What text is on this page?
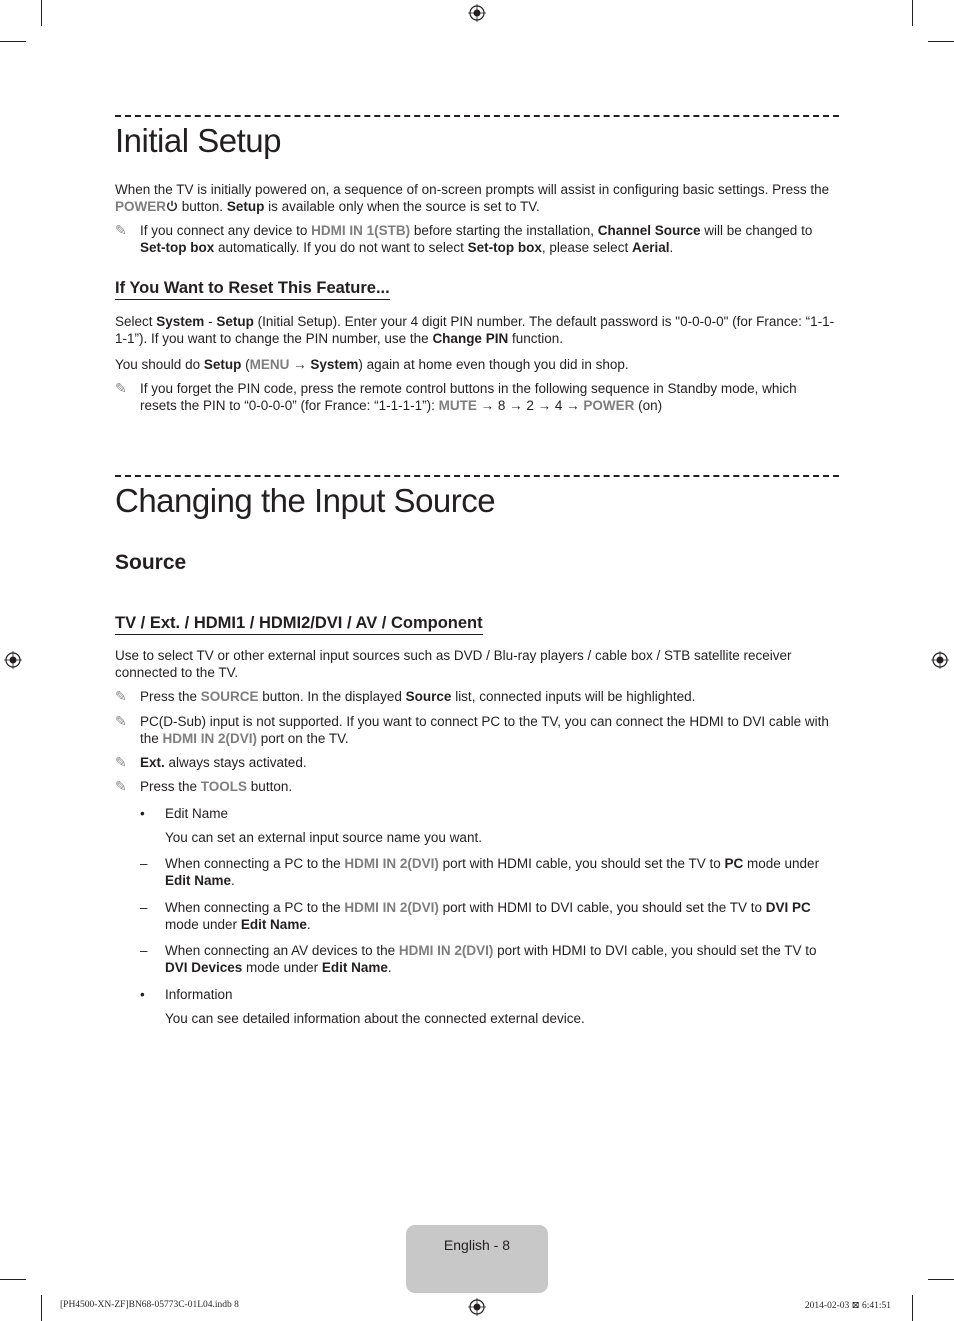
Initial Setup

When the TV is initially powered on, a sequence of on-screen prompts will assist in configuring basic settings. Press the POWER button. Setup is available only when the source is set to TV.

✎ If you connect any device to HDMI IN 1(STB) before starting the installation, Channel Source will be changed to Set-top box automatically. If you do not want to select Set-top box, please select Aerial.
If You Want to Reset This Feature...

Select System - Setup (Initial Setup). Enter your 4 digit PIN number. The default password is "0-0-0-0" (for France: “1-1-1-1”). If you want to change the PIN number, use the Change PIN function.

You should do Setup (MENU → System) again at home even though you did in shop.

✎ If you forget the PIN code, press the remote control buttons in the following sequence in Standby mode, which resets the PIN to “0-0-0-0” (for France: “1-1-1-1”): MUTE → 8 → 2 → 4 → POWER (on)
Changing the Input Source
Source
TV / Ext. / HDMI1 / HDMI2/DVI / AV / Component

Use to select TV or other external input sources such as DVD / Blu-ray players / cable box / STB satellite receiver connected to the TV.

✎ Press the SOURCE button. In the displayed Source list, connected inputs will be highlighted.
✎ PC(D-Sub) input is not supported. If you want to connect PC to the TV, you can connect the HDMI to DVI cable with the HDMI IN 2(DVI) port on the TV.
✎ Ext. always stays activated.
✎ Press the TOOLS button.
•	Edit Name
You can set an external input source name you want.
–	When connecting a PC to the HDMI IN 2(DVI) port with HDMI cable, you should set the TV to PC mode under Edit Name.
–	When connecting a PC to the HDMI IN 2(DVI) port with HDMI to DVI cable, you should set the TV to DVI PC mode under Edit Name.
–	When connecting an AV devices to the HDMI IN 2(DVI) port with HDMI to DVI cable, you should set the TV to DVI Devices mode under Edit Name.
•	Information
You can see detailed information about the connected external device.
English - 8
[PH4500-XN-ZF]BN68-05773C-01L04.indb 8	2014-02-03 ⊠ 6:41:51
